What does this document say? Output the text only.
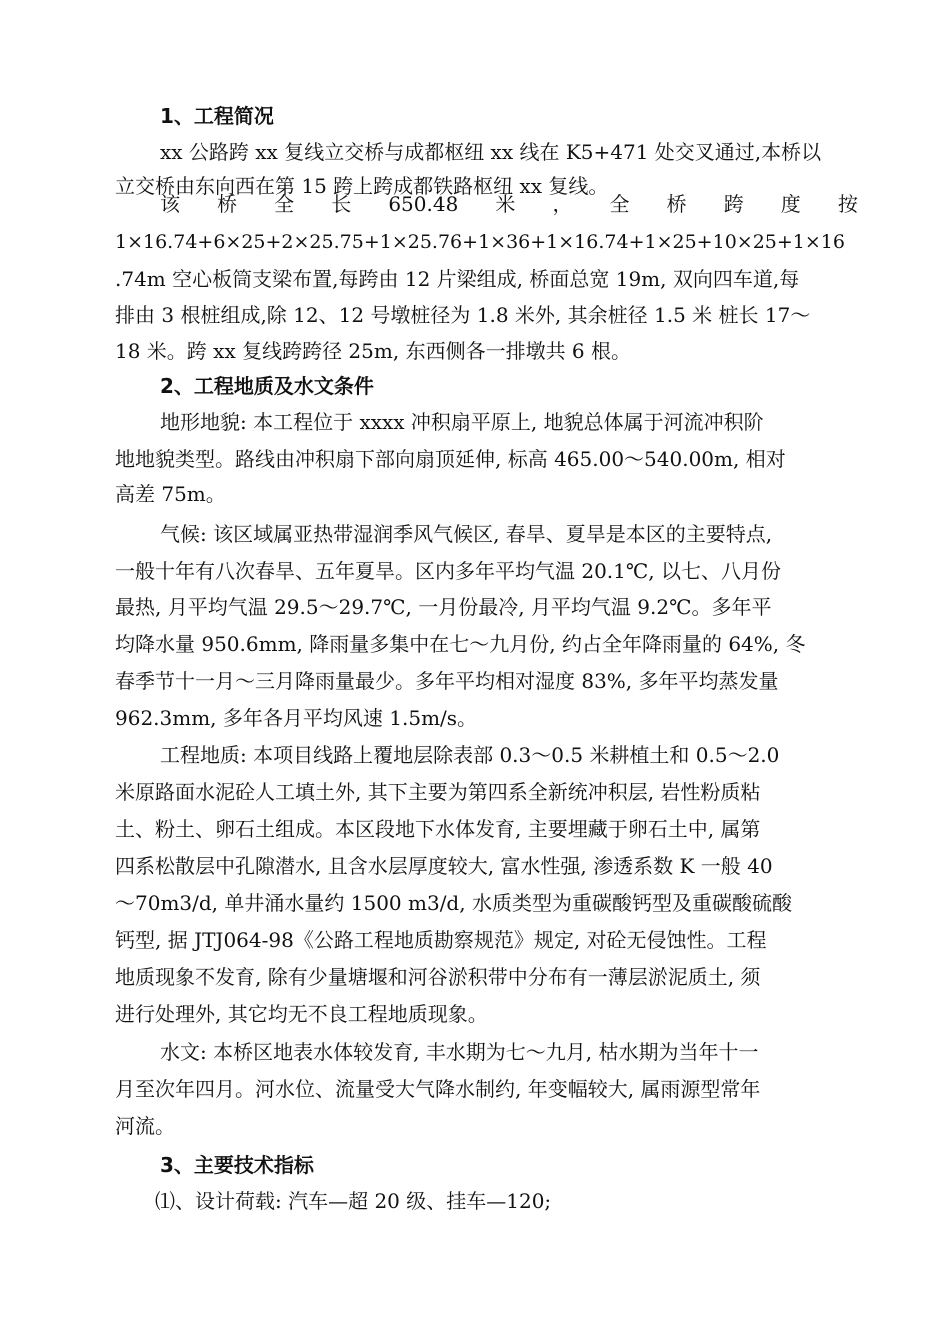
1、工程简况
xx 公路跨 xx 复线立交桥与成都枢纽 xx 线在 K5+471 处交叉通过,本桥以
立交桥由东向西在第 15 跨上跨成都铁路枢纽 xx 复线。
该 桥 全 长 650.48 米 ， 全 桥 跨 度 按
1×16.74+6×25+2×25.75+1×25.76+1×36+1×16.74+1×25+10×25+1×16
.74m 空心板筒支梁布置,每跨由 12 片梁组成, 桥面总宽 19m, 双向四车道,每
排由 3 根桩组成,除 12、12 号墩桩径为 1.8 米外, 其余桩径 1.5 米 桩长 17～
18 米。跨 xx 复线跨跨径 25m, 东西侧各一排墩共 6 根。
2、工程地质及水文条件
地形地貌: 本工程位于 xxxx 冲积扇平原上, 地貌总体属于河流冲积阶
地地貌类型。路线由冲积扇下部向扇顶延伸, 标高 465.00～540.00m, 相对
高差 75m。
气候: 该区域属亚热带湿润季风气候区, 春旱、夏旱是本区的主要特点,
一般十年有八次春旱、五年夏旱。区内多年平均气温 20.1℃, 以七、八月份
最热, 月平均气温 29.5～29.7℃, 一月份最冷, 月平均气温 9.2℃。多年平
均降水量 950.6mm, 降雨量多集中在七～九月份, 约占全年降雨量的 64%, 冬
春季节十一月～三月降雨量最少。多年平均相对湿度 83%, 多年平均蒸发量
962.3mm, 多年各月平均风速 1.5m/s。
工程地质: 本项目线路上覆地层除表部 0.3～0.5 米耕植土和 0.5～2.0
米原路面水泥砼人工填土外, 其下主要为第四系全新统冲积层, 岩性粉质粘
土、粉土、卵石土组成。本区段地下水体发育, 主要埋藏于卵石土中, 属第
四系松散层中孔隙潜水, 且含水层厚度较大, 富水性强, 渗透系数 K 一般 40
～70m3/d, 单井涌水量约 1500 m3/d, 水质类型为重碳酸钙型及重碳酸硫酸
钙型, 据 JTJ064-98《公路工程地质勘察规范》规定, 对砼无侵蚀性。工程
地质现象不发育, 除有少量塘堰和河谷淤积带中分布有一薄层淤泥质土, 须
进行处理外, 其它均无不良工程地质现象。
水文: 本桥区地表水体较发育, 丰水期为七～九月, 枯水期为当年十一
月至次年四月。河水位、流量受大气降水制约, 年变幅较大, 属雨源型常年
河流。
3、主要技术指标
⑴、设计荷载: 汽车—超 20 级、挂车—120;
